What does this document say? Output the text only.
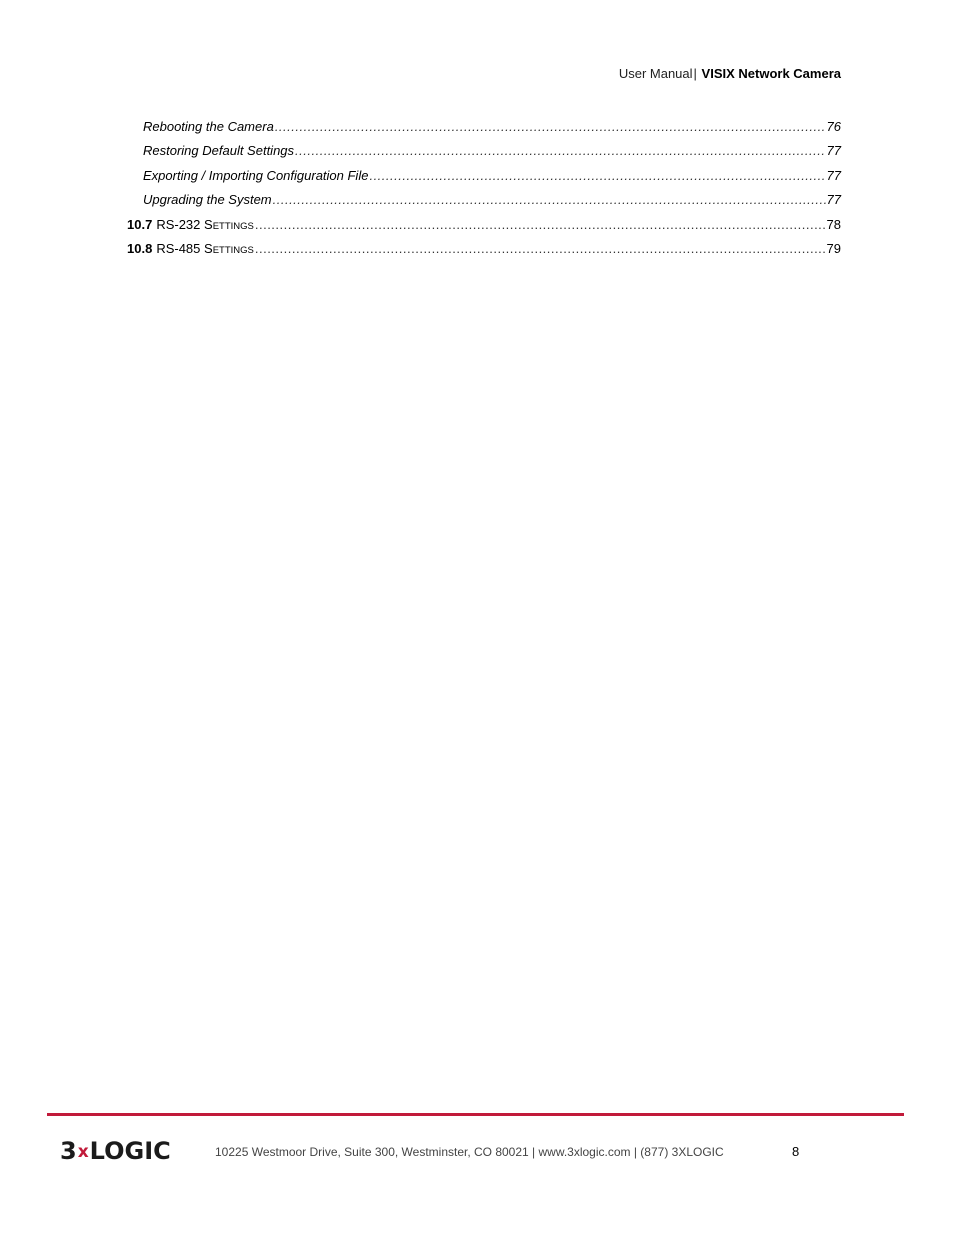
User Manual| VISIX Network Camera
Rebooting the Camera .....	76
Restoring Default Settings .....	77
Exporting / Importing Configuration File .....	77
Upgrading the System .....	77
10.7 RS-232 SETTINGS .....	78
10.8 RS-485 SETTINGS .....	79
3 x LOGIC	10225 Westmoor Drive, Suite 300, Westminster, CO 80021 | www.3xlogic.com | (877) 3XLOGIC	8
